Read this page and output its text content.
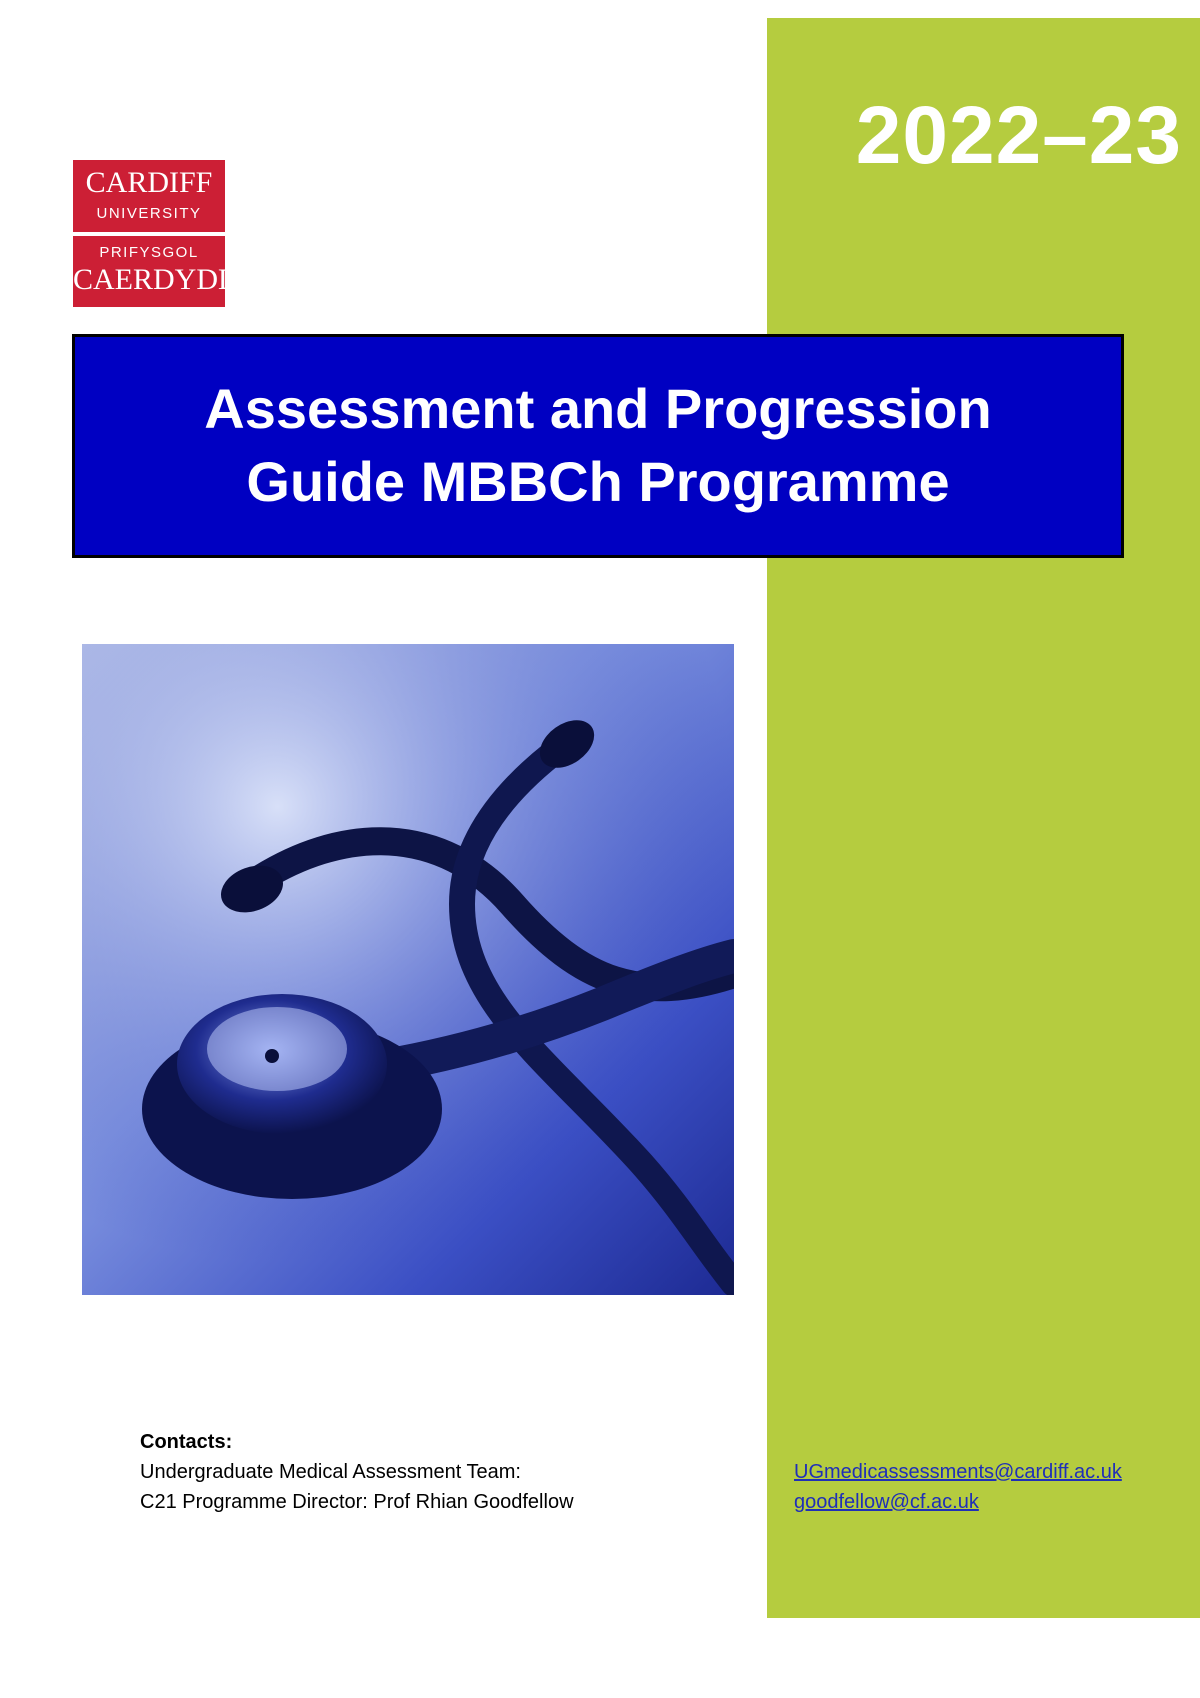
2022–23
CARDIFF
UNIVERSITY
PRIFYSGOL
CAERDYDD
Assessment and Progression
Guide MBBCh Programme
Contacts:
Undergraduate Medical Assessment Team:
C21 Programme Director: Prof Rhian Goodfellow
UGmedicassessments@cardiff.ac.uk
goodfellow@cf.ac.uk
